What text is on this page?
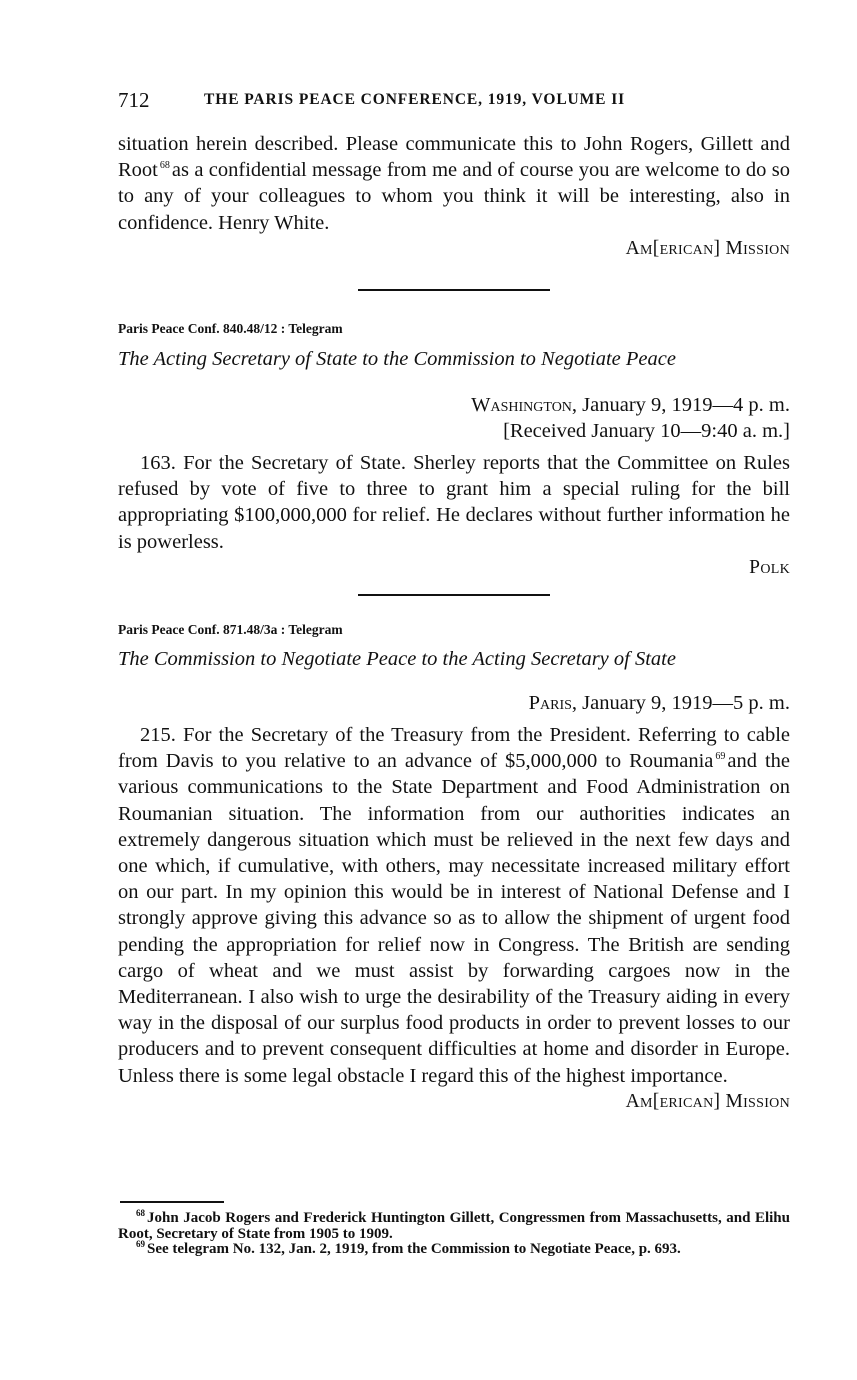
712	THE PARIS PEACE CONFERENCE, 1919, VOLUME II

situation herein described. Please communicate this to John Rogers, Gillett and Root $^{68}$as a confidential message from me and of course you are welcome to do so to any of your colleagues to whom you think it will be interesting, also in confidence. Henry White.

Am[erican] Mission

Paris Peace Conf. 840.48/12 : Telegram
The Acting Secretary of State to the Commission to Negotiate Peace
Washington, January 9, 1919—4 p. m.
[Received January 10—9:40 a. m.]

163. For the Secretary of State. Sherley reports that the Committee on Rules refused by vote of five to three to grant him a special ruling for the bill appropriating $100,000,000 for relief. He declares without further information he is powerless.

Polk

Paris Peace Conf. 871.48/3a : Telegram
The Commission to Negotiate Peace to the Acting Secretary of State
Paris, January 9, 1919—5 p. m.

215. For the Secretary of the Treasury from the President. Referring to cable from Davis to you relative to an advance of $5,000,000 to Roumania $^{69}$and the various communications to the State Department and Food Administration on Roumanian situation. The information from our authorities indicates an extremely dangerous situation which must be relieved in the next few days and one which, if cumulative, with others, may necessitate increased military effort on our part. In my opinion this would be in interest of National Defense and I strongly approve giving this advance so as to allow the shipment of urgent food pending the appropriation for relief now in Congress. The British are sending cargo of wheat and we must assist by forwarding cargoes now in the Mediterranean. I also wish to urge the desirability of the Treasury aiding in every way in the disposal of our surplus food products in order to prevent losses to our producers and to prevent consequent difficulties at home and disorder in Europe. Unless there is some legal obstacle I regard this of the highest importance.

Am[erican] Mission

$^{68}$ John Jacob Rogers and Frederick Huntington Gillett, Congressmen from Massachusetts, and Elihu Root, Secretary of State from 1905 to 1909.

$^{69}$ See telegram No. 132, Jan. 2, 1919, from the Commission to Negotiate Peace, p. 693.
